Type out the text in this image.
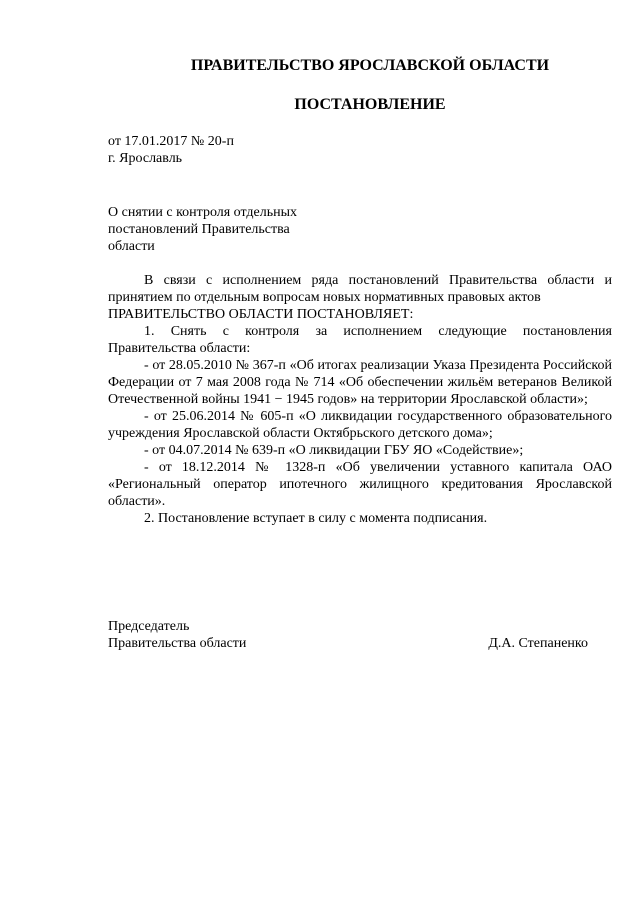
ПРАВИТЕЛЬСТВО ЯРОСЛАВСКОЙ ОБЛАСТИ
ПОСТАНОВЛЕНИЕ
от 17.01.2017 № 20-п
г. Ярославль
О снятии с контроля отдельных
постановлений Правительства
области

В связи с исполнением ряда постановлений Правительства области и принятием по отдельным вопросам новых нормативных правовых актов

ПРАВИТЕЛЬСТВО ОБЛАСТИ ПОСТАНОВЛЯЕТ:

1. Снять с контроля за исполнением следующие постановления Правительства области:

- от 28.05.2010 № 367-п «Об итогах реализации Указа Президента Российской Федерации от 7 мая 2008 года № 714 «Об обеспечении жильём ветеранов Великой Отечественной войны 1941 − 1945 годов» на территории Ярославской области»;

- от 25.06.2014 № 605-п «О ликвидации государственного образовательного учреждения Ярославской области Октябрьского детского дома»;

- от 04.07.2014 № 639-п «О ликвидации ГБУ ЯО «Содействие»;

- от 18.12.2014 № 1328-п «Об увеличении уставного капитала ОАО «Региональный оператор ипотечного жилищного кредитования Ярославской области».

2. Постановление вступает в силу с момента подписания.

Председатель
Правительства области	Д.А. Степаненко
